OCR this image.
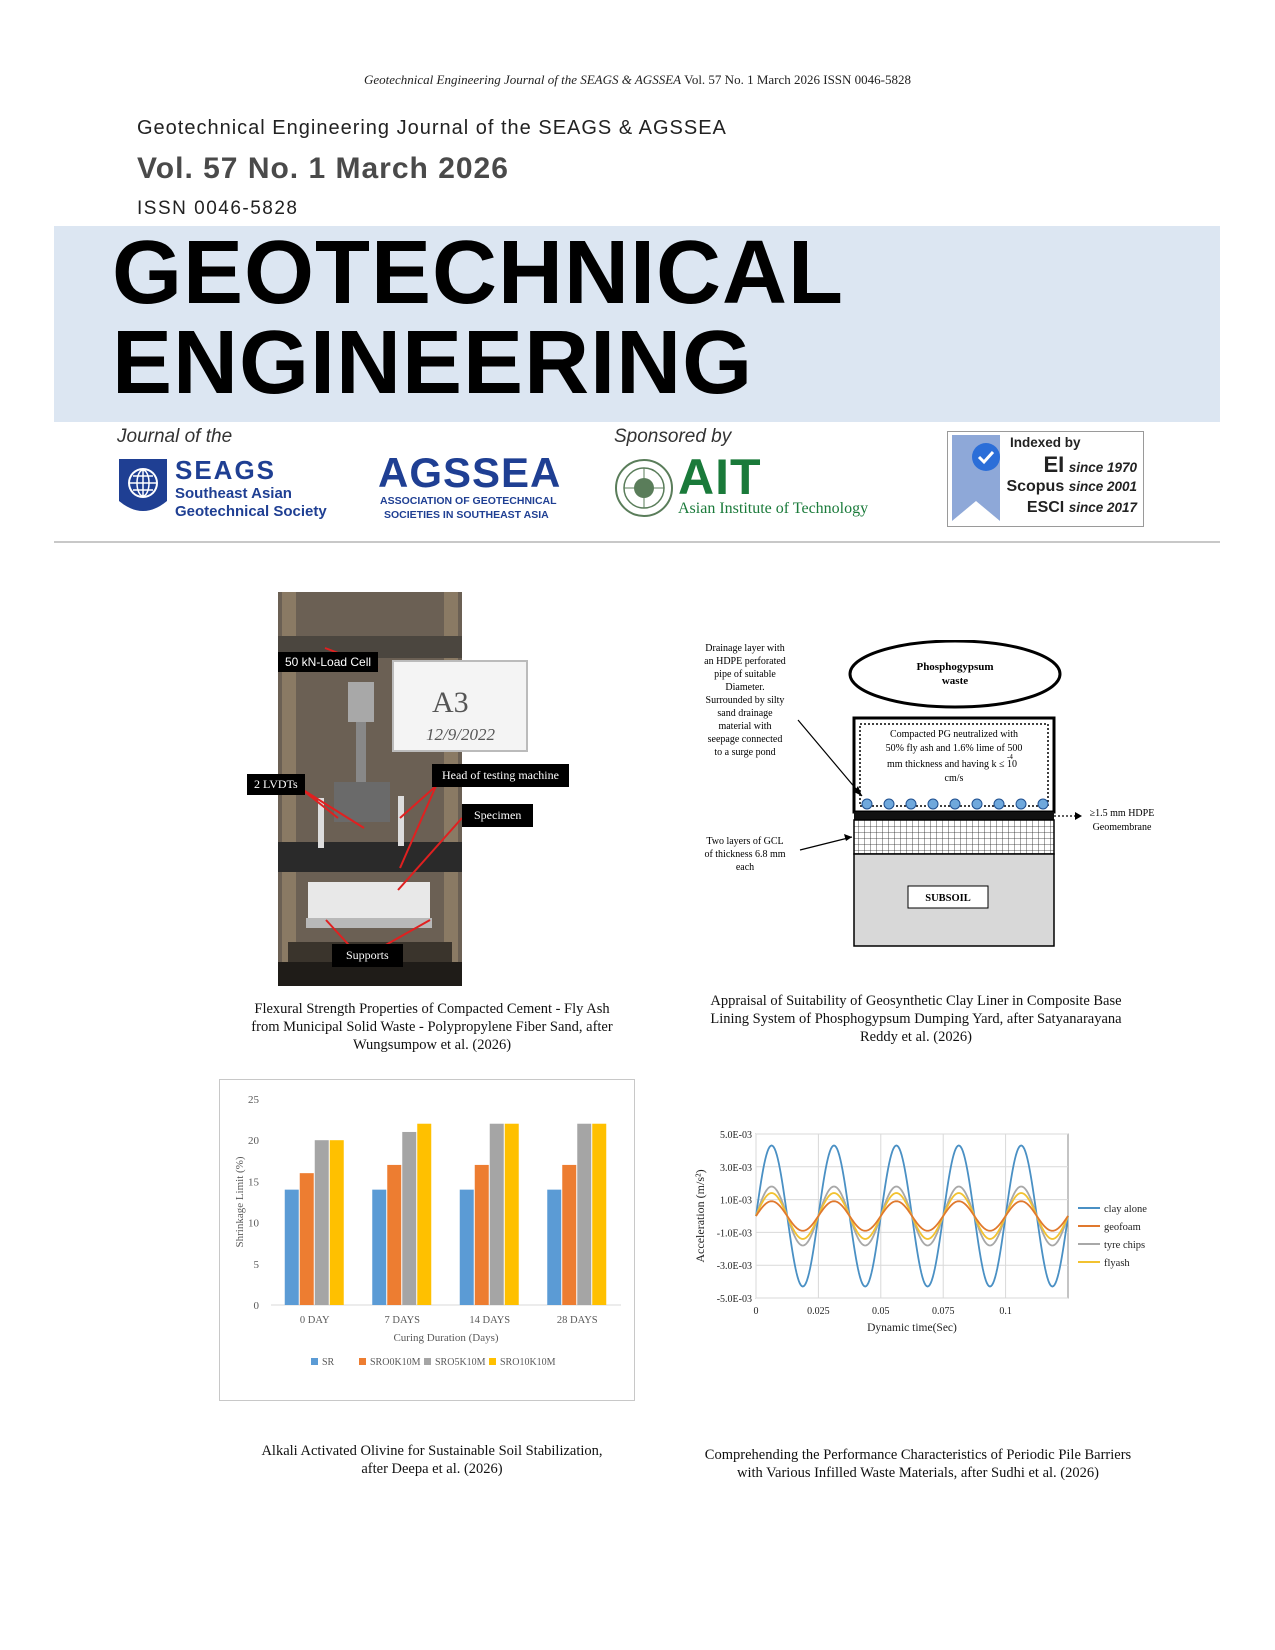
Geotechnical Engineering Journal of the SEAGS & AGSSEA Vol. 57 No. 1 March 2026 ISSN 0046-5828
Geotechnical Engineering Journal of the SEAGS & AGSSEA
Vol. 57 No. 1 March 2026
ISSN 0046-5828
GEOTECHNICAL
ENGINEERING
Journal of the	Sponsored by
SEAGS
Southeast Asian
Geotechnical Society
AGSSEA
ASSOCIATION OF GEOTECHNICAL
SOCIETIES IN SOUTHEAST ASIA
AIT
Asian Institute of Technology
Indexed by
EI since 1970
Scopus since 2001
ESCI since 2017
A3
12/9/2022
50 kN-Load Cell
2 LVDTs
Head of testing machine
Specimen
Supports
Flexural Strength Properties of Compacted Cement - Fly Ash
from Municipal Solid Waste - Polypropylene Fiber Sand, after
Wungsumpow et al. (2026)
Phosphogypsum
waste
Compacted PG neutralized with
50% fly ash and 1.6% lime of 500
mm thickness and having k ≤ 10
-4
cm/s
SUBSOIL
Drainage layer with
an HDPE perforated
pipe of suitable
Diameter.
Surrounded by silty
sand drainage
material with
seepage connected
to a surge pond
Two layers of GCL
of thickness 6.8 mm
each
≥1.5 mm HDPE
Geomembrane
Appraisal of Suitability of Geosynthetic Clay Liner in Composite Base
Lining System of Phosphogypsum Dumping Yard, after Satyanarayana
Reddy et al. (2026)
0
5
10
15
20
25
0 DAY	7 DAYS	14 DAYS	28 DAYS
Curing Duration (Days)
Shrinkage Limit (%)
SR	SRO0K10M SRO5K10M SRO10K10M
Alkali Activated Olivine for Sustainable Soil Stabilization,
after Deepa et al. (2026)
5.0E-03
3.0E-03
1.0E-03
-1.0E-03
-3.0E-03
-5.0E-03
0	0.025	0.05	0.075	0.1
Dynamic time(Sec)
Acceleration (m/s²)	clay alone
geofoam
tyre chips
flyash
Comprehending the Performance Characteristics of Periodic Pile Barriers
with Various Infilled Waste Materials, after Sudhi et al. (2026)
